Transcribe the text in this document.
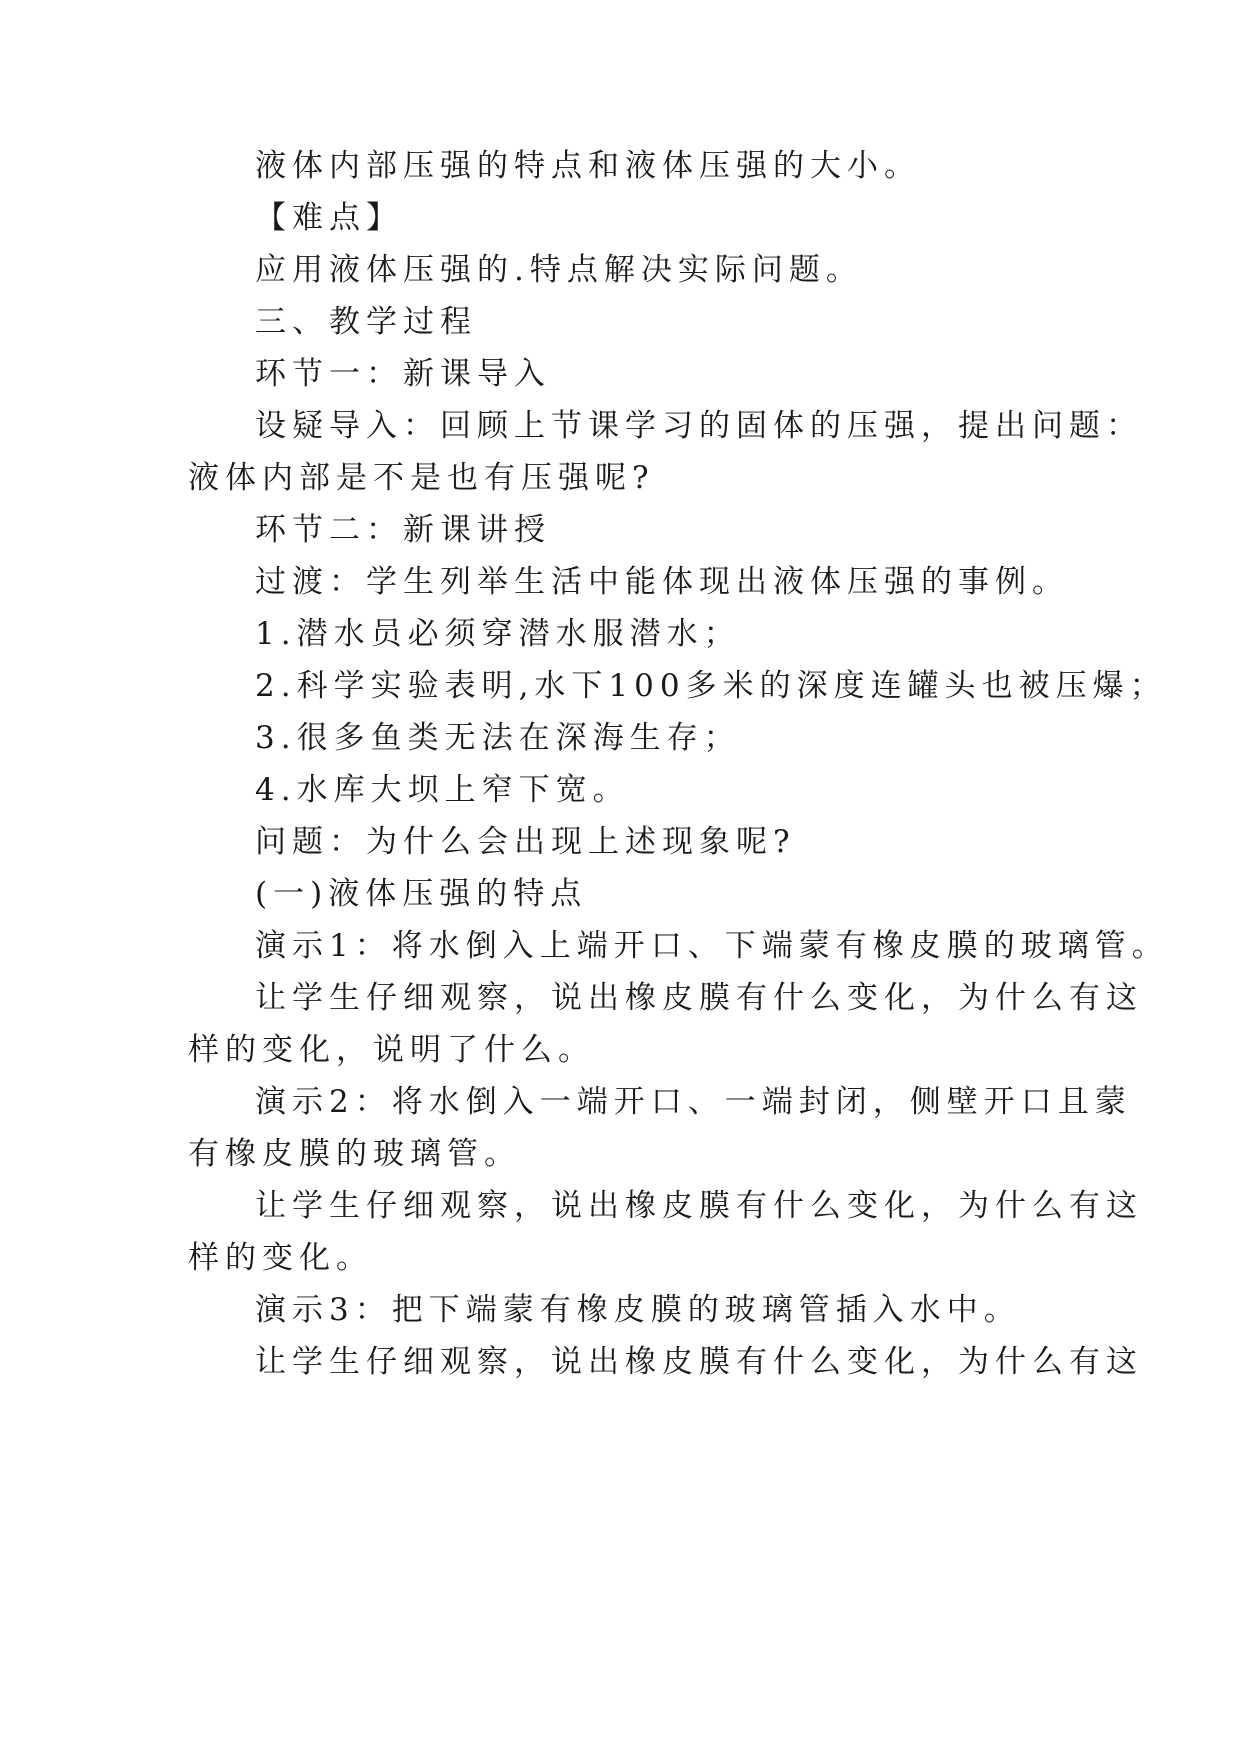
液体内部压强的特点和液体压强的大小。
【难点】
应用液体压强的.特点解决实际问题。
三、教学过程
环节一：新课导入
设疑导入：回顾上节课学习的固体的压强，提出问题：
液体内部是不是也有压强呢?
环节二：新课讲授
过渡：学生列举生活中能体现出液体压强的事例。
1.潜水员必须穿潜水服潜水；
2.科学实验表明,水下100多米的深度连罐头也被压爆；
3.很多鱼类无法在深海生存；
4.水库大坝上窄下宽。
问题：为什么会出现上述现象呢?
(一)液体压强的特点
演示1：将水倒入上端开口、下端蒙有橡皮膜的玻璃管。
让学生仔细观察，说出橡皮膜有什么变化，为什么有这
样的变化，说明了什么。
演示2：将水倒入一端开口、一端封闭，侧壁开口且蒙
有橡皮膜的玻璃管。
让学生仔细观察，说出橡皮膜有什么变化，为什么有这
样的变化。
演示3：把下端蒙有橡皮膜的玻璃管插入水中。
让学生仔细观察，说出橡皮膜有什么变化，为什么有这
